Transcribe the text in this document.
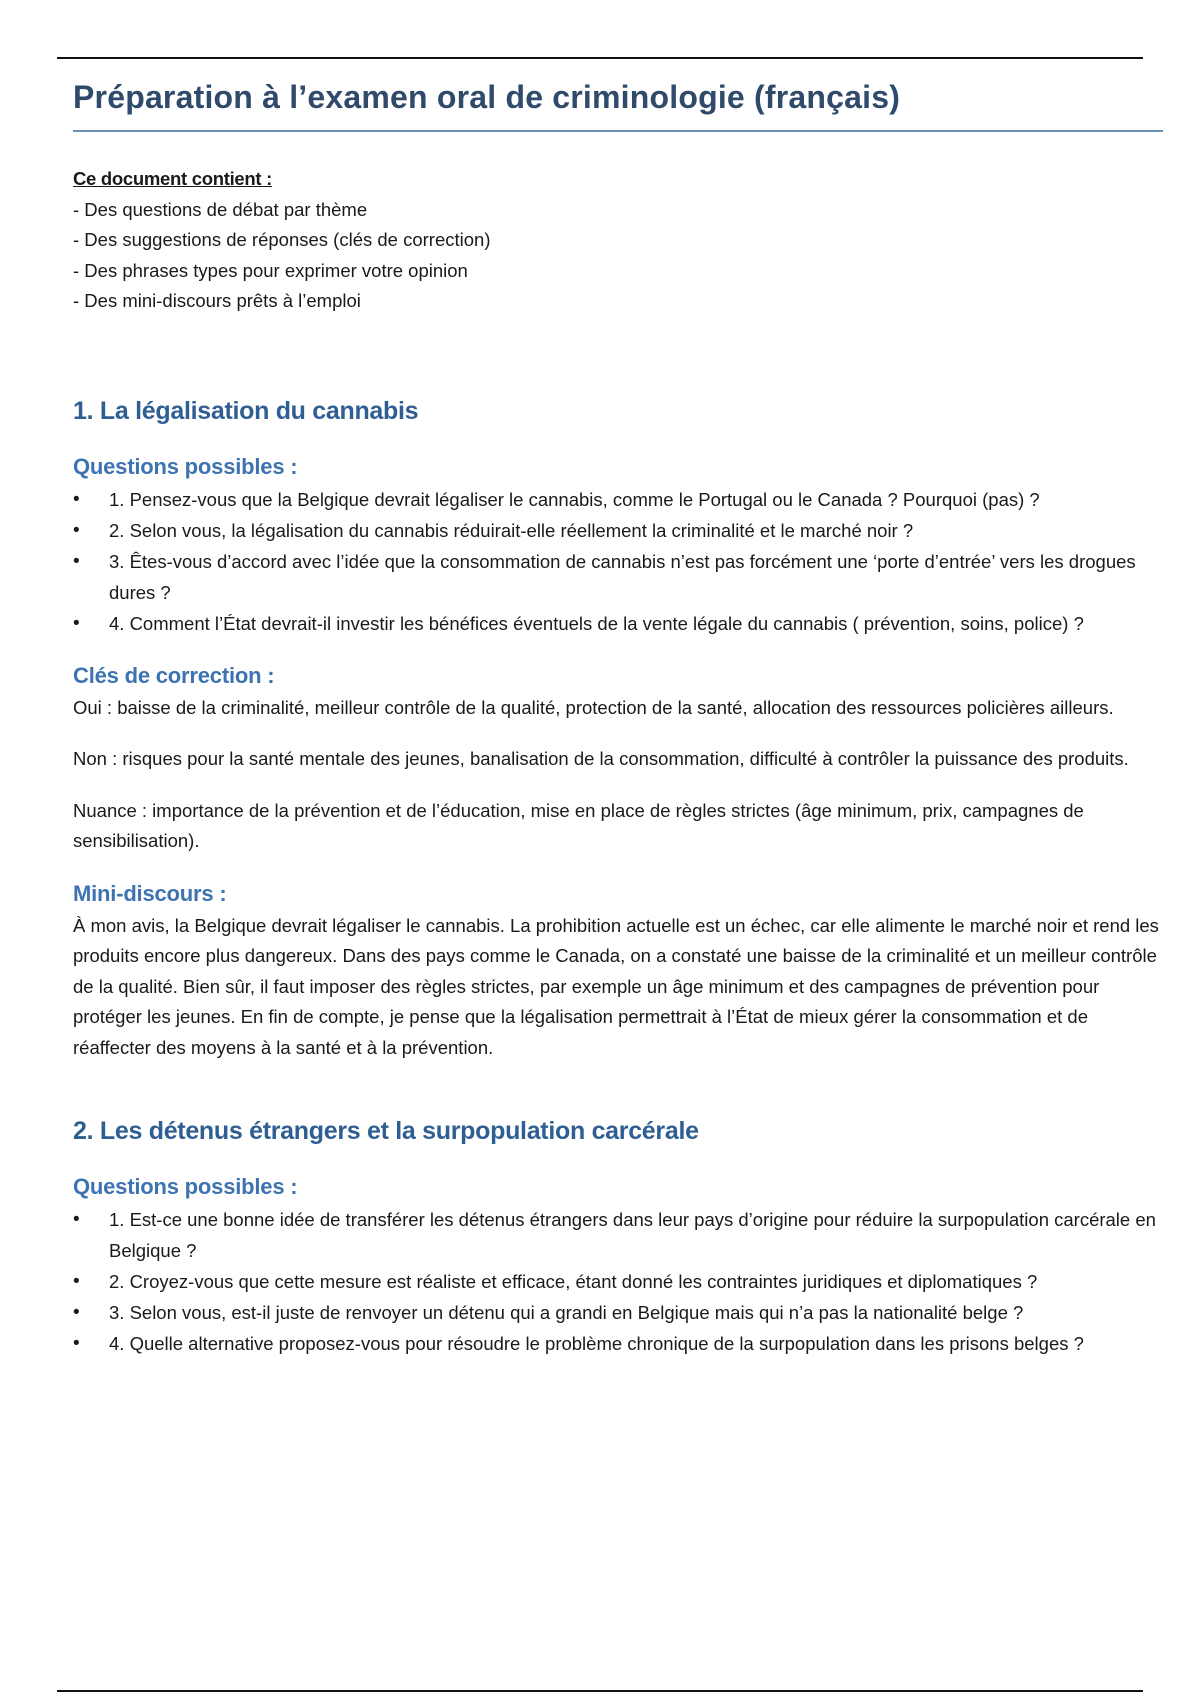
Préparation à l’examen oral de criminologie (français)
Ce document contient :
- Des questions de débat par thème
- Des suggestions de réponses (clés de correction)
- Des phrases types pour exprimer votre opinion
- Des mini-discours prêts à l’emploi
1. La légalisation du cannabis
Questions possibles :
• 1. Pensez-vous que la Belgique devrait légaliser le cannabis, comme le Portugal ou le Canada ? Pourquoi (pas) ?
• 2. Selon vous, la légalisation du cannabis réduirait-elle réellement la criminalité et le marché noir ?
• 3. Êtes-vous d’accord avec l’idée que la consommation de cannabis n’est pas forcément une ‘porte d’entrée’ vers les drogues dures ?
• 4. Comment l’État devrait-il investir les bénéfices éventuels de la vente légale du cannabis ( prévention, soins, police) ?
Clés de correction :

Oui : baisse de la criminalité, meilleur contrôle de la qualité, protection de la santé, allocation des ressources policières ailleurs.

Non : risques pour la santé mentale des jeunes, banalisation de la consommation, difficulté à contrôler la puissance des produits.

Nuance : importance de la prévention et de l’éducation, mise en place de règles strictes (âge minimum, prix, campagnes de sensibilisation).

Mini-discours :

À mon avis, la Belgique devrait légaliser le cannabis. La prohibition actuelle est un échec, car elle alimente le marché noir et rend les produits encore plus dangereux. Dans des pays comme le Canada, on a constaté une baisse de la criminalité et un meilleur contrôle de la qualité. Bien sûr, il faut imposer des règles strictes, par exemple un âge minimum et des campagnes de prévention pour protéger les jeunes. En fin de compte, je pense que la légalisation permettrait à l’État de mieux gérer la consommation et de réaffecter des moyens à la santé et à la prévention.

2. Les détenus étrangers et la surpopulation carcérale
Questions possibles :
• 1. Est-ce une bonne idée de transférer les détenus étrangers dans leur pays d’origine pour réduire la surpopulation carcérale en Belgique ?
• 2. Croyez-vous que cette mesure est réaliste et efficace, étant donné les contraintes juridiques et diplomatiques ?
• 3. Selon vous, est-il juste de renvoyer un détenu qui a grandi en Belgique mais qui n’a pas la nationalité belge ?
• 4. Quelle alternative proposez-vous pour résoudre le problème chronique de la surpopulation dans les prisons belges ?
